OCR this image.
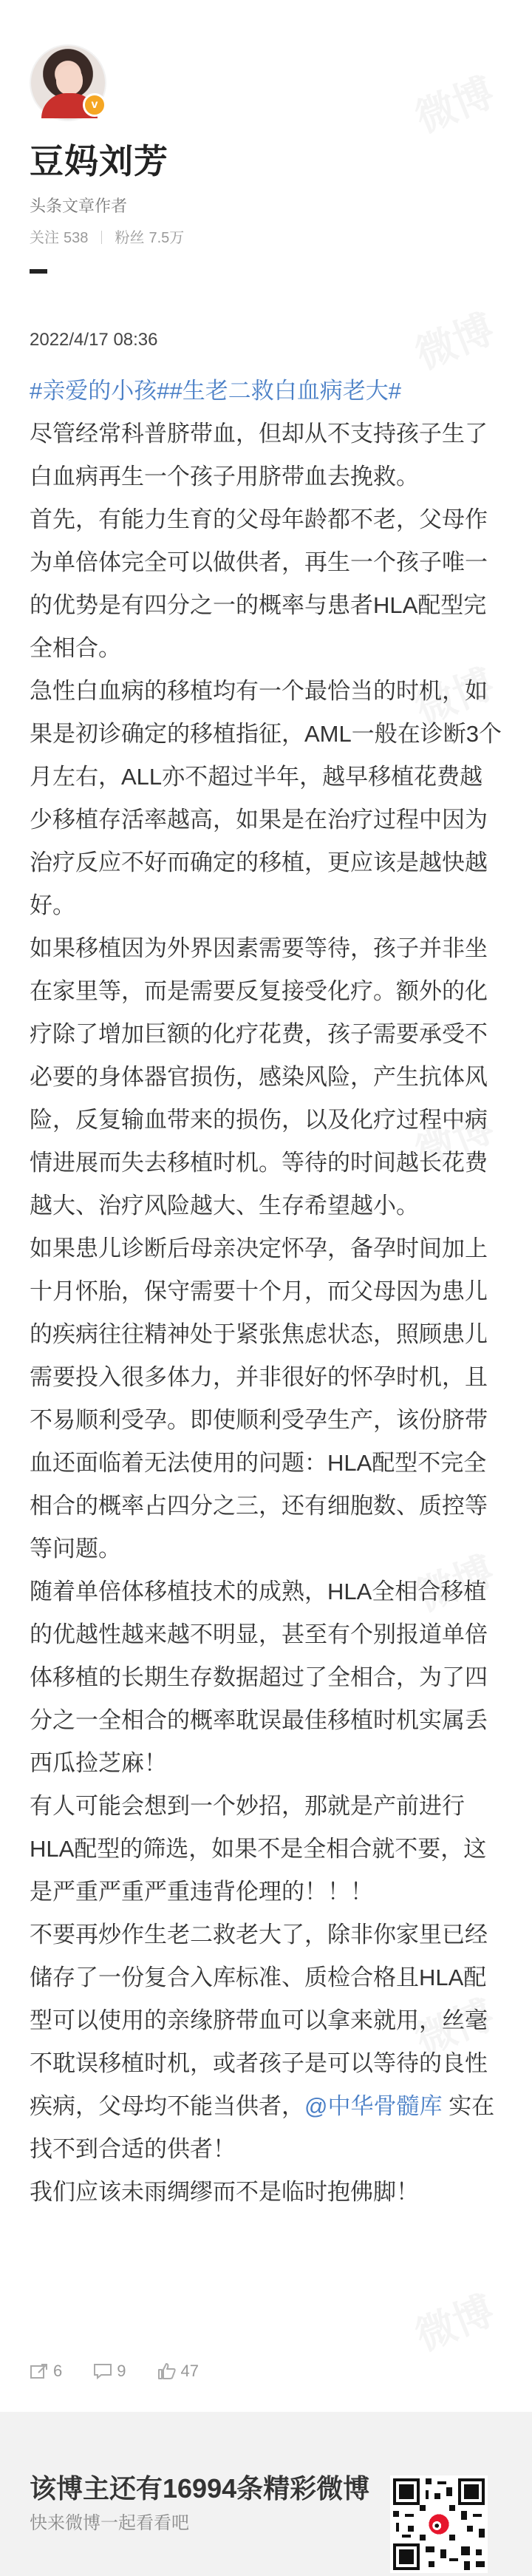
v
豆妈刘芳
头条文章作者
关注 538 粉丝 7.5万
2022/4/17 08:36

#亲爱的小孩##生老二救白血病老大#

尽管经常科普脐带血，但却从不支持孩子生了白血病再生一个孩子用脐带血去挽救。

首先，有能力生育的父母年龄都不老，父母作为单倍体完全可以做供者，再生一个孩子唯一的优势是有四分之一的概率与患者HLA配型完全相合。

急性白血病的移植均有一个最恰当的时机，如果是初诊确定的移植指征，AML一般在诊断3个月左右，ALL亦不超过半年，越早移植花费越少移植存活率越高，如果是在治疗过程中因为治疗反应不好而确定的移植，更应该是越快越好。

如果移植因为外界因素需要等待，孩子并非坐在家里等，而是需要反复接受化疗。额外的化疗除了增加巨额的化疗花费，孩子需要承受不必要的身体器官损伤，感染风险，产生抗体风险，反复输血带来的损伤，以及化疗过程中病情进展而失去移植时机。等待的时间越长花费越大、治疗风险越大、生存希望越小。

如果患儿诊断后母亲决定怀孕，备孕时间加上十月怀胎，保守需要十个月，而父母因为患儿的疾病往往精神处于紧张焦虑状态，照顾患儿需要投入很多体力，并非很好的怀孕时机，且不易顺利受孕。即使顺利受孕生产，该份脐带血还面临着无法使用的问题：HLA配型不完全相合的概率占四分之三，还有细胞数、质控等等问题。

随着单倍体移植技术的成熟，HLA全相合移植的优越性越来越不明显，甚至有个别报道单倍体移植的长期生存数据超过了全相合，为了四分之一全相合的概率耽误最佳移植时机实属丢西瓜捡芝麻！

有人可能会想到一个妙招，那就是产前进行HLA配型的筛选，如果不是全相合就不要，这是严重严重严重违背伦理的！！！

不要再炒作生老二救老大了，除非你家里已经储存了一份复合入库标准、质检合格且HLA配型可以使用的亲缘脐带血可以拿来就用，丝毫不耽误移植时机，或者孩子是可以等待的良性疾病，父母均不能当供者，@中华骨髓库 实在找不到合适的供者！

我们应该未雨绸缪而不是临时抱佛脚！

6	9	47
该博主还有16994条精彩微博
快来微博一起看看吧
